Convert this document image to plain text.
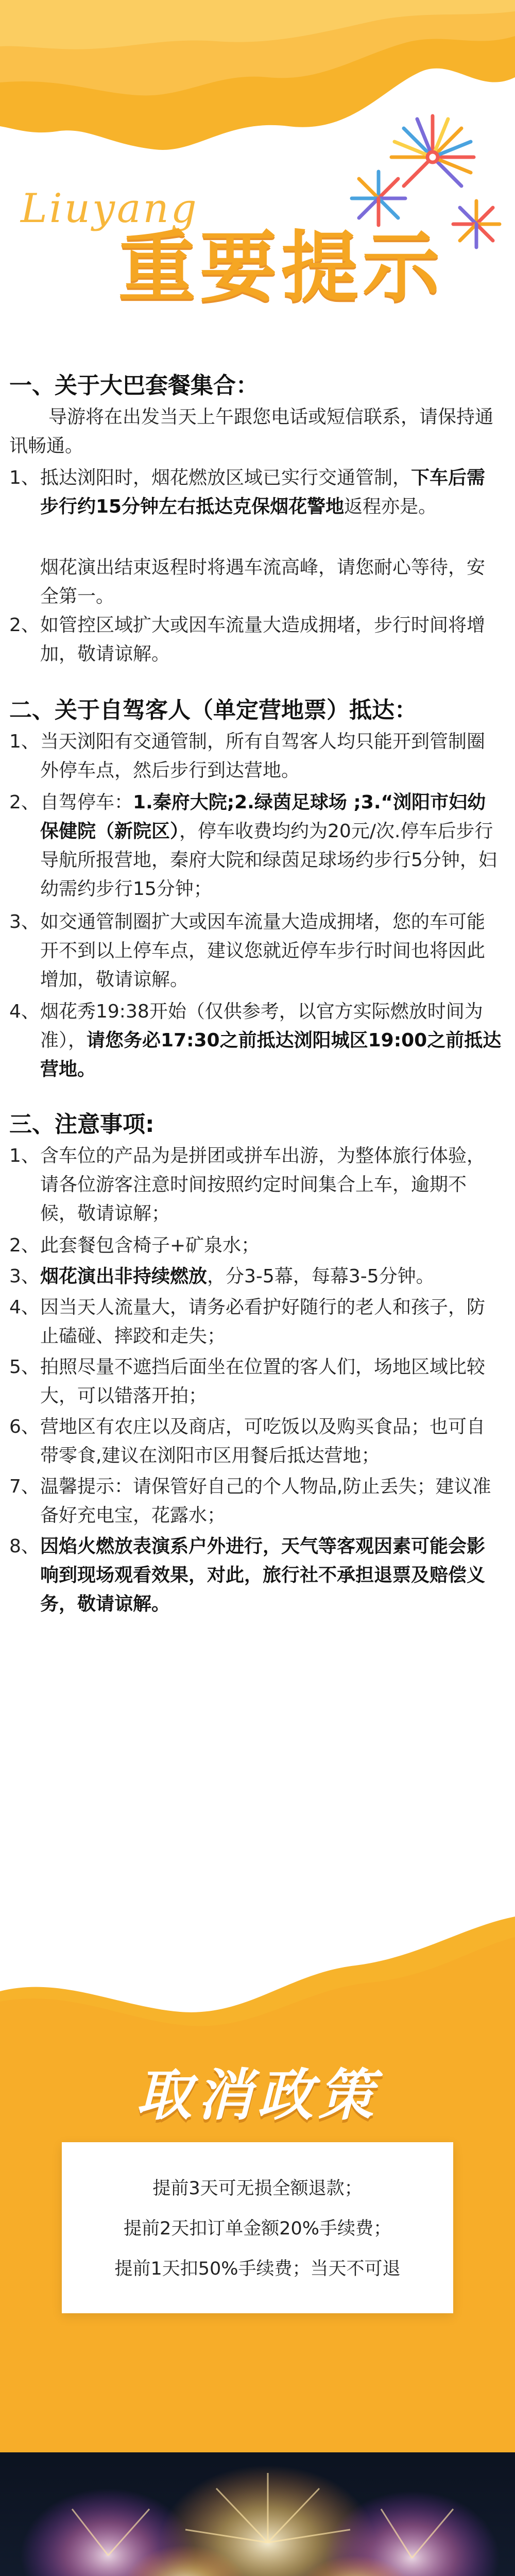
Liuyang
重要提示
一、关于大巴套餐集合：
导游将在出发当天上午跟您电话或短信联系，请保持通讯畅通。
1、 抵达浏阳时，烟花燃放区域已实行交通管制，下车后需步行约15分钟左右抵达克保烟花警地返程亦是。
烟花演出结束返程时将遇车流高峰，请您耐心等待，安全第一。
2、 如管控区域扩大或因车流量大造成拥堵，步行时间将增加，敬请谅解。
二、关于自驾客人（单定营地票）抵达：
1、 当天浏阳有交通管制，所有自驾客人均只能开到管制圈外停车点，然后步行到达营地。
2、 自驾停车：1.秦府大院;2.绿茵足球场 ;3.“浏阳市妇幼保健院（新院区），停车收费均约为20元/次.停车后步行导航所报营地，秦府大院和绿茵足球场约步行5分钟，妇幼需约步行15分钟；
3、 如交通管制圈扩大或因车流量大造成拥堵，您的车可能开不到以上停车点，建议您就近停车步行时间也将因此增加，敬请谅解。
4、 烟花秀19:38开始（仅供参考，以官方实际燃放时间为准），请您务必17:30之前抵达浏阳城区19:00之前抵达营地。
三、注意事项:
1、 含车位的产品为是拼团或拼车出游，为整体旅行体验，请各位游客注意时间按照约定时间集合上车，逾期不候，敬请谅解；
2、 此套餐包含椅子+矿泉水；
3、 烟花演出非持续燃放，分3-5幕，每幕3-5分钟。
4、 因当天人流量大，请务必看护好随行的老人和孩子，防止磕碰、摔跤和走失；
5、 拍照尽量不遮挡后面坐在位置的客人们，场地区域比较大，可以错落开拍；
6、 营地区有农庄以及商店，可吃饭以及购买食品；也可自带零食,建议在浏阳市区用餐后抵达营地；
7、 温馨提示：请保管好自己的个人物品,防止丢失；建议准备好充电宝，花露水；
8、 因焰火燃放表演系户外进行，天气等客观因素可能会影响到现场观看效果，对此，旅行社不承担退票及赔偿义务，敬请谅解。
取消政策
提前3天可无损全额退款；
提前2天扣订单金额20%手续费；
提前1天扣50%手续费；当天不可退
